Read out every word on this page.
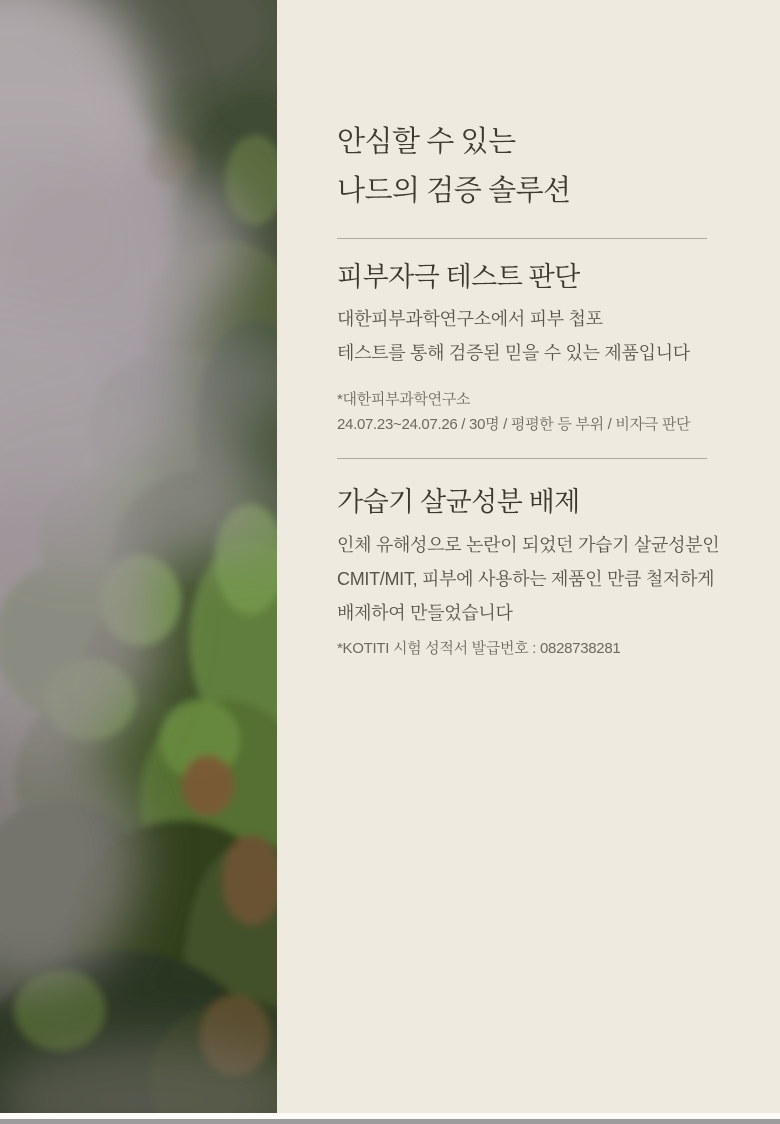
안심할 수 있는
나드의 검증 솔루션
피부자극 테스트 판단
대한피부과학연구소에서 피부 첩포
테스트를 통해 검증된 믿을 수 있는 제품입니다
*대한피부과학연구소
24.07.23~24.07.26 / 30명 / 평평한 등 부위 / 비자극 판단
가습기 살균성분 배제
인체 유해성으로 논란이 되었던 가습기 살균성분인
CMIT/MIT, 피부에 사용하는 제품인 만큼 철저하게
배제하여 만들었습니다
*KOTITI 시험 성적서 발급번호 : 0828738281
